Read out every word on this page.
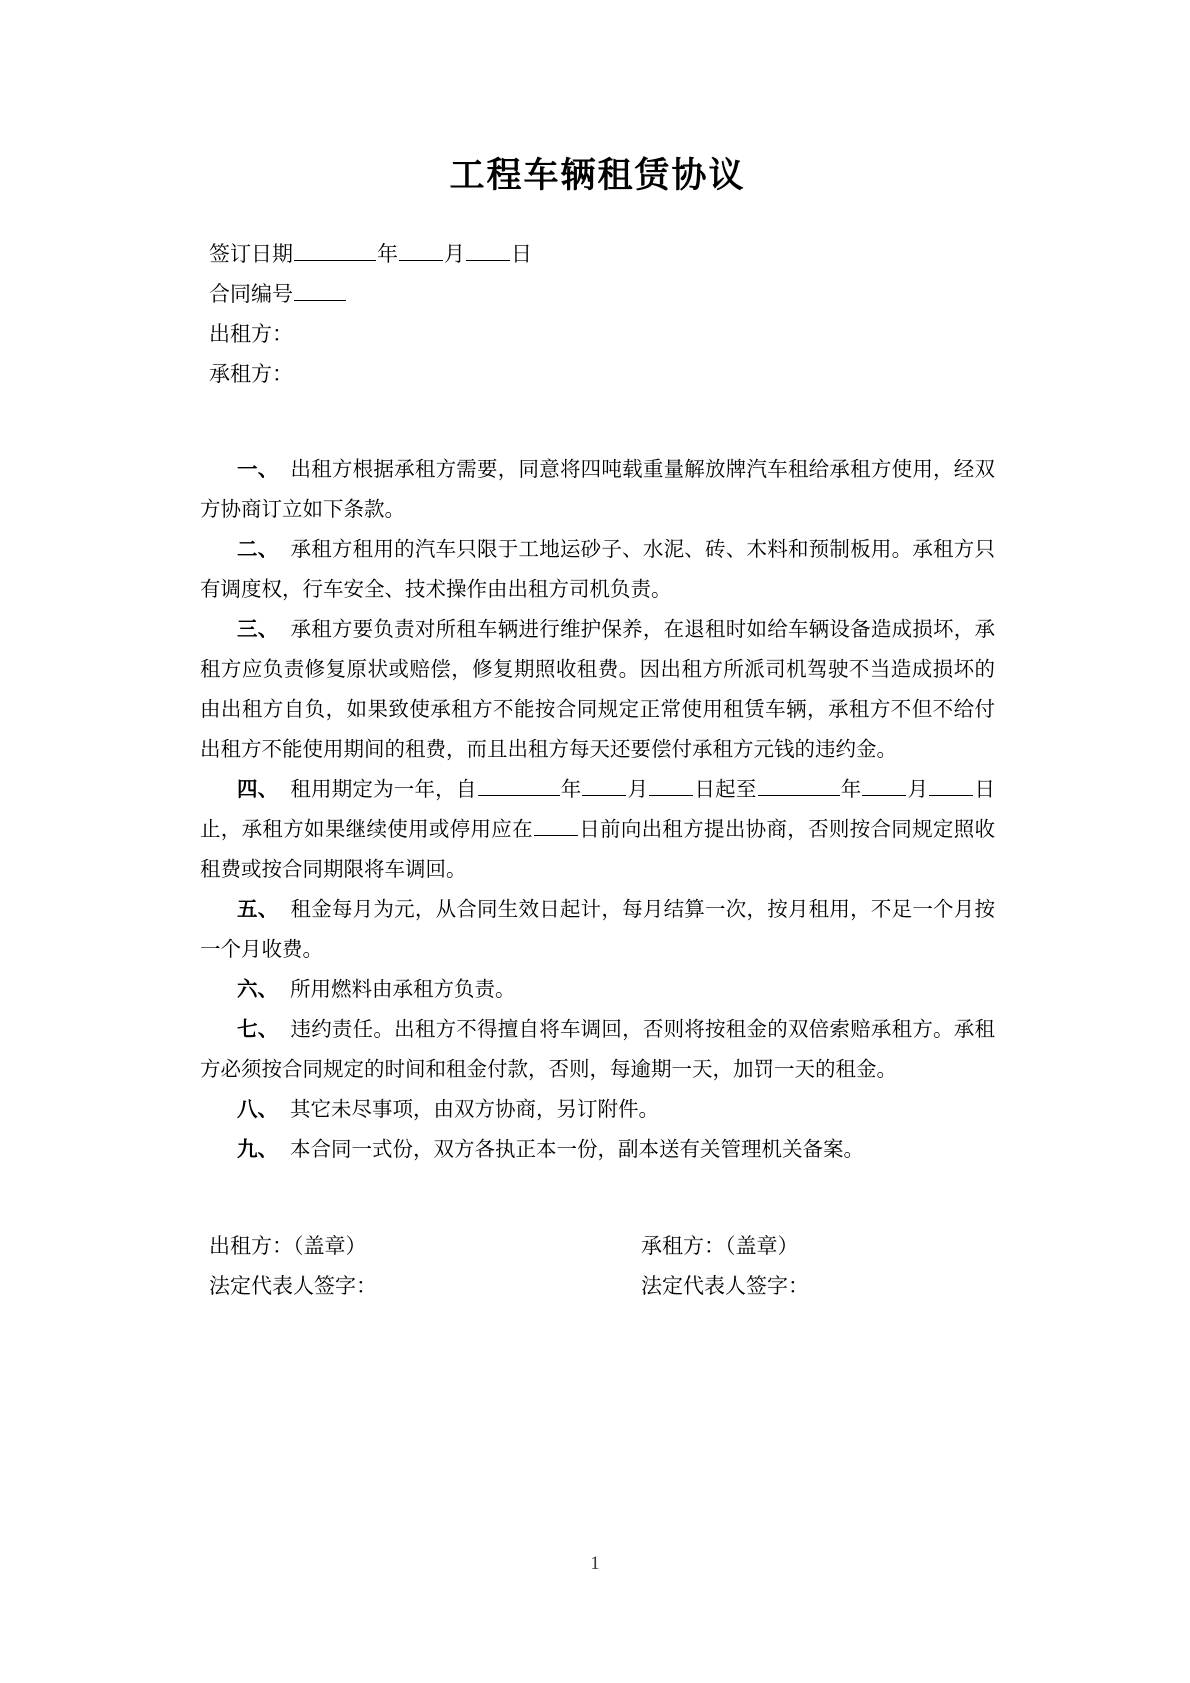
工程车辆租赁协议
签订日期	年 月 日
合同编号
出租方：
承租方：

一、 出租方根据承租方需要，同意将四吨载重量解放牌汽车租给承租方使用，经双方协商订立如下条款。

二、 承租方租用的汽车只限于工地运砂子、水泥、砖、木料和预制板用。承租方只有调度权，行车安全、技术操作由出租方司机负责。

三、 承租方要负责对所租车辆进行维护保养，在退租时如给车辆设备造成损坏，承租方应负责修复原状或赔偿，修复期照收租费。因出租方所派司机驾驶不当造成损坏的由出租方自负，如果致使承租方不能按合同规定正常使用租赁车辆，承租方不但不给付出租方不能使用期间的租费，而且出租方每天还要偿付承租方元钱的违约金。

四、 租用期定为一年，自	年 月 日起至	年 月 日止，承租方如果继续使用或停用应在 日前向出租方提出协商，否则按合同规定照收租费或按合同期限将车调回。

五、 租金每月为元，从合同生效日起计，每月结算一次，按月租用，不足一个月按一个月收费。

六、 所用燃料由承租方负责。

七、 违约责任。出租方不得擅自将车调回，否则将按租金的双倍索赔承租方。承租方必须按合同规定的时间和租金付款，否则，每逾期一天，加罚一天的租金。

八、 其它未尽事项，由双方协商，另订附件。

九、 本合同一式份，双方各执正本一份，副本送有关管理机关备案。

出租方：（盖章）	承租方：（盖章）
法定代表人签字：	法定代表人签字：
1
